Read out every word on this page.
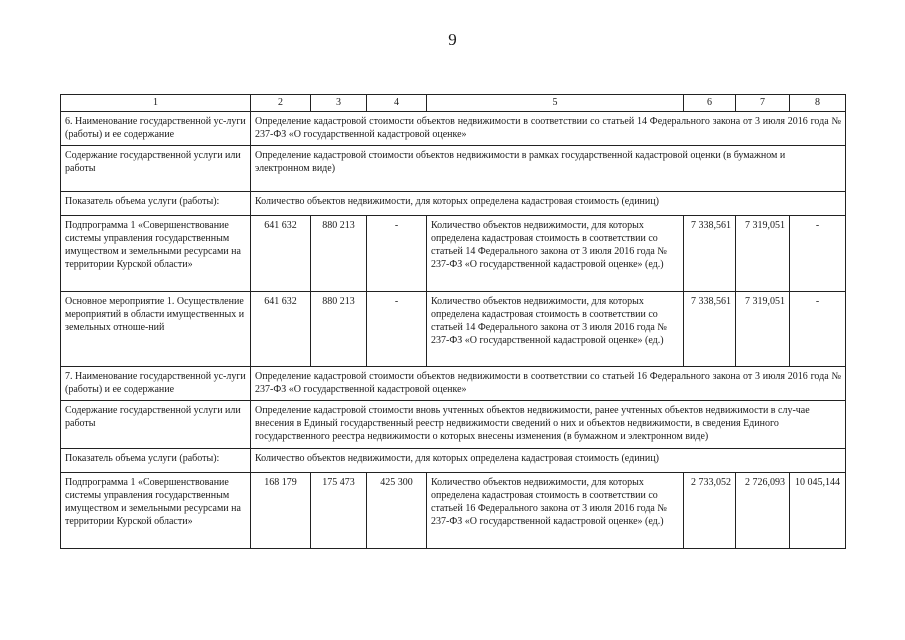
9
1	2	3	4	5	6	7	8
6. Наименование государственной ус-луги (работы) и ее содержание	Определение кадастровой стоимости объектов недвижимости в соответствии со статьей 14 Федерального закона от 3 июля 2016 года № 237-ФЗ «О государственной кадастровой оценке»						
Содержание государственной услуги или работы	Определение кадастровой стоимости объектов недвижимости в рамках государственной кадастровой оценки (в бумажном и электронном виде)						
Показатель объема услуги (работы):	Количество объектов недвижимости, для которых определена кадастровая стоимость (единиц)						
Подпрограмма 1 «Совершенствование системы управления государственным имуществом и земельными ресурсами на территории Курской области»	641 632	880 213	-	Количество объектов недвижимости, для которых определена кадастровая стоимость в соответствии со статьей 14 Федерального закона от 3 июля 2016 года № 237-ФЗ «О государственной кадастровой оценке» (ед.)	7 338,561	7 319,051	-
Основное мероприятие 1. Осуществление мероприятий в области имущественных и земельных отноше-ний	641 632	880 213	-	Количество объектов недвижимости, для которых определена кадастровая стоимость в соответствии со статьей 14 Федерального закона от 3 июля 2016 года № 237-ФЗ «О государственной кадастровой оценке» (ед.)	7 338,561	7 319,051	-
7. Наименование государственной ус-луги (работы) и ее содержание	Определение кадастровой стоимости объектов недвижимости в соответствии со статьей 16 Федерального закона от 3 июля 2016 года № 237-ФЗ «О государственной кадастровой оценке»						
Содержание государственной услуги или работы	Определение кадастровой стоимости вновь учтенных объектов недвижимости, ранее учтенных объектов недвижимости в слу-чае внесения в Единый государственный реестр недвижимости сведений о них и объектов недвижимости, в сведения Единого государственного реестра недвижимости о которых внесены изменения (в бумажном и электронном виде)						
Показатель объема услуги (работы):	Количество объектов недвижимости, для которых определена кадастровая стоимость (единиц)						
Подпрограмма 1 «Совершенствование системы управления государственным имуществом и земельными ресурсами на территории Курской области»	168 179	175 473	425 300	Количество объектов недвижимости, для которых определена кадастровая стоимость в соответствии со статьей 16 Федерального закона от 3 июля 2016 года № 237-ФЗ «О государственной кадастровой оценке» (ед.)	2 733,052	2 726,093	10 045,144
